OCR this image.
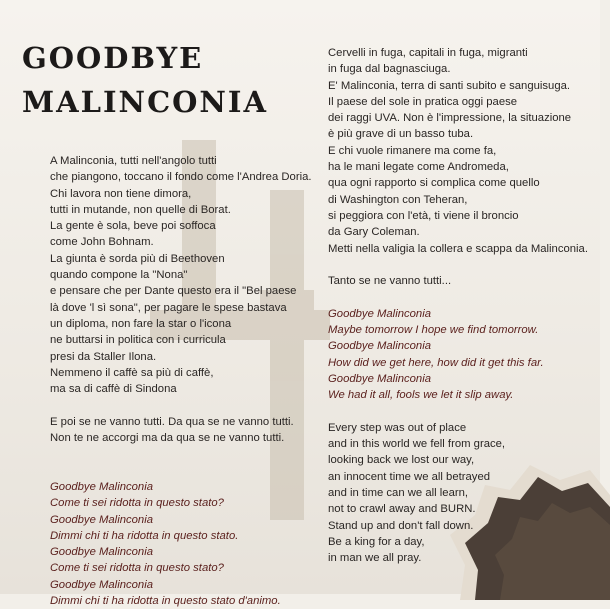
GOODBYE
MALINCONIA

A Malinconia, tutti nell'angolo tutti

che piangono, toccano il fondo come l'Andrea Doria.

Chi lavora non tiene dimora,

tutti in mutande, non quelle di Borat.

La gente è sola, beve poi soffoca

come John Bohnam.

La giunta è sorda più di Beethoven

quando compone la "Nona"

e pensare che per Dante questo era il "Bel paese

là dove 'l sì sona", per pagare le spese bastava

un diploma, non fare la star o l'icona

ne buttarsi in politica con i curricula

presi da Staller Ilona.

Nemmeno il caffè sa più di caffè,

ma sa di caffè di Sindona

E poi se ne vanno tutti. Da qua se ne vanno tutti.

Non te ne accorgi ma da qua se ne vanno tutti.

Goodbye Malinconia

Come ti sei ridotta in questo stato?

Goodbye Malinconia

Dimmi chi ti ha ridotta in questo stato.

Goodbye Malinconia

Come ti sei ridotta in questo stato?

Goodbye Malinconia

Dimmi chi ti ha ridotta in questo stato d'animo.

Cervelli in fuga, capitali in fuga, migranti

in fuga dal bagnasciuga.

E' Malinconia, terra di santi subito e sanguisuga.

Il paese del sole in pratica oggi paese

dei raggi UVA. Non è l'impressione, la situazione

è più grave di un basso tuba.

E chi vuole rimanere ma come fa,

ha le mani legate come Andromeda,

qua ogni rapporto si complica come quello

di Washington con Teheran,

si peggiora con l'età, ti viene il broncio

da Gary Coleman.

Metti nella valigia la collera e scappa da Malinconia.

Tanto se ne vanno tutti...

Goodbye Malinconia

Maybe tomorrow I hope we find tomorrow.

Goodbye Malinconia

How did we get here, how did it get this far.

Goodbye Malinconia

We had it all, fools we let it slip away.

Every step was out of place

and in this world we fell from grace,

looking back we lost our way,

an innocent time we all betrayed

and in time can we all learn,

not to crawl away and BURN.

Stand up and don't fall down.

Be a king for a day,

in man we all pray.
